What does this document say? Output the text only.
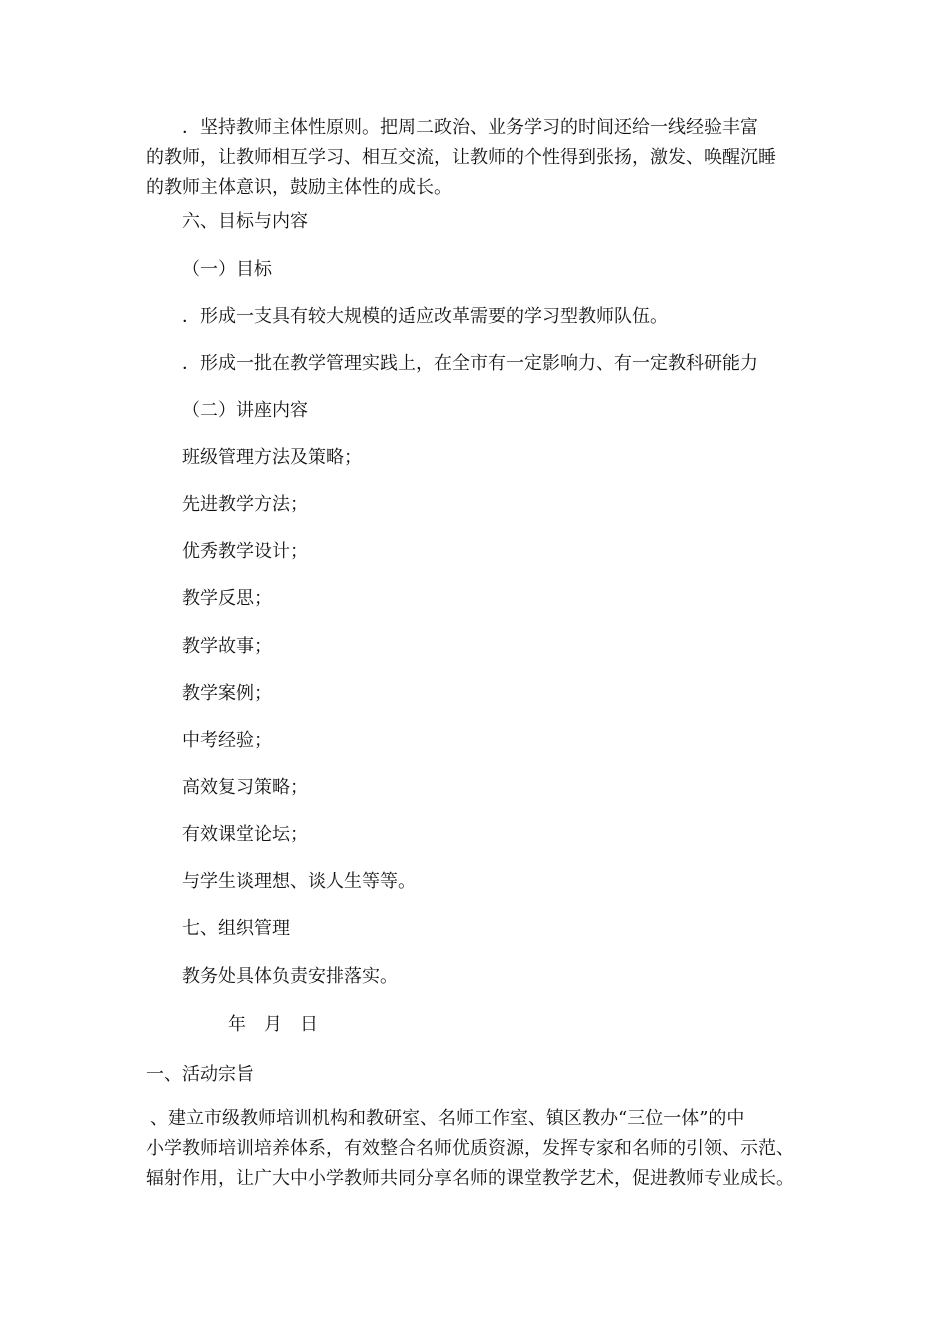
．坚持教师主体性原则。把周二政治、业务学习的时间还给一线经验丰富
的教师，让教师相互学习、相互交流，让教师的个性得到张扬，激发、唤醒沉睡
的教师主体意识，鼓励主体性的成长。
六、目标与内容
（一）目标
．形成一支具有较大规模的适应改革需要的学习型教师队伍。
．形成一批在教学管理实践上，在全市有一定影响力、有一定教科研能力
（二）讲座内容
班级管理方法及策略；
先进教学方法；
优秀教学设计；
教学反思；
教学故事；
教学案例；
中考经验；
高效复习策略；
有效课堂论坛；
与学生谈理想、谈人生等等。
七、组织管理
教务处具体负责安排落实。
年　月　日
一、活动宗旨
、建立市级教师培训机构和教研室、名师工作室、镇区教办“三位一体”的中
小学教师培训培养体系，有效整合名师优质资源，发挥专家和名师的引领、示范、
辐射作用，让广大中小学教师共同分享名师的课堂教学艺术，促进教师专业成长。
